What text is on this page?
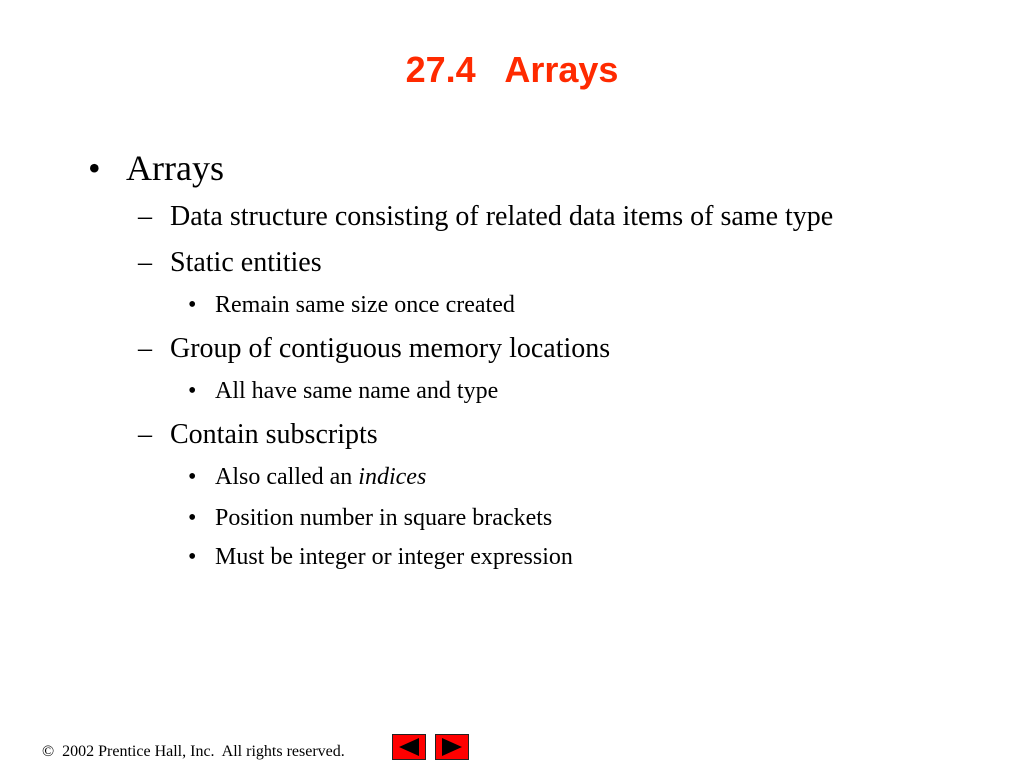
27.4   Arrays
• Arrays
– Data structure consisting of related data items of same type
– Static entities
• Remain same size once created
– Group of contiguous memory locations
• All have same name and type
– Contain subscripts
• Also called an indices
• Position number in square brackets
• Must be integer or integer expression
©  2002 Prentice Hall, Inc.  All rights reserved.
